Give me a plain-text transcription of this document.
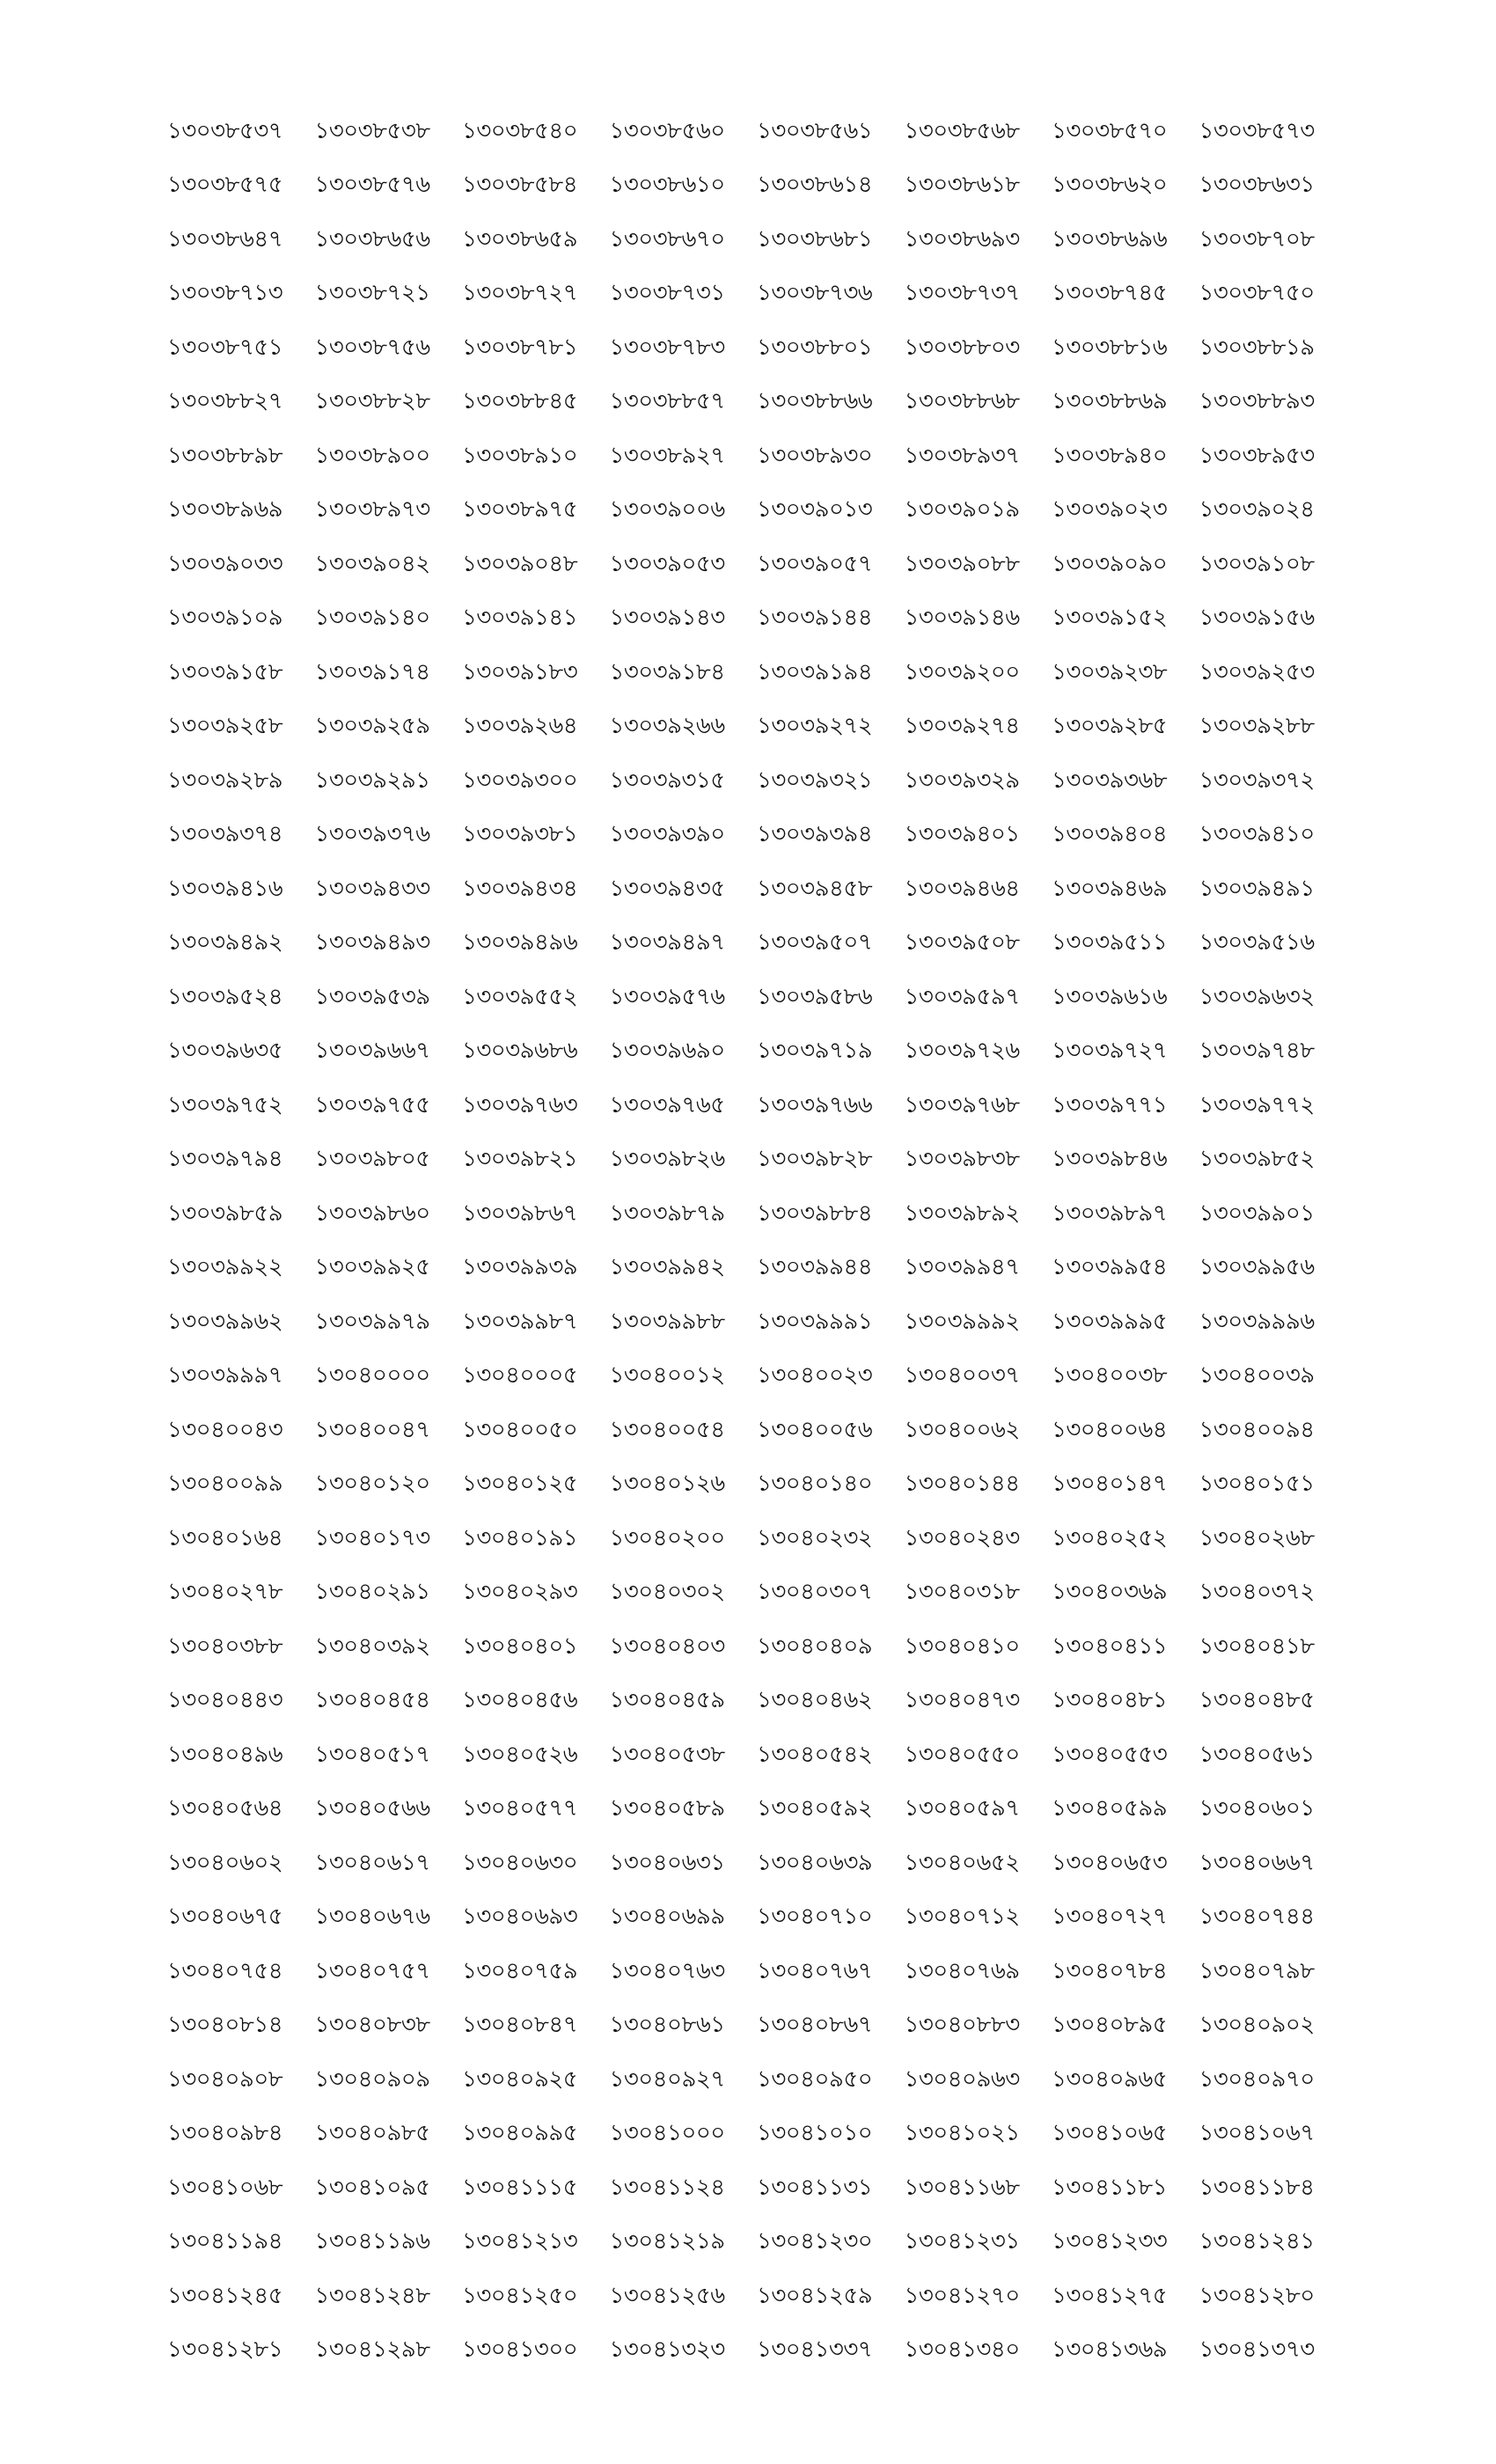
১৩০৩৮৫৩৭	১৩০৩৮৫৩৮	১৩০৩৮৫৪০	১৩০৩৮৫৬০	১৩০৩৮৫৬১	১৩০৩৮৫৬৮	১৩০৩৮৫৭০	১৩০৩৮৫৭৩
১৩০৩৮৫৭৫	১৩০৩৮৫৭৬	১৩০৩৮৫৮৪	১৩০৩৮৬১০	১৩০৩৮৬১৪	১৩০৩৮৬১৮	১৩০৩৮৬২০	১৩০৩৮৬৩১
১৩০৩৮৬৪৭	১৩০৩৮৬৫৬	১৩০৩৮৬৫৯	১৩০৩৮৬৭০	১৩০৩৮৬৮১	১৩০৩৮৬৯৩	১৩০৩৮৬৯৬	১৩০৩৮৭০৮
১৩০৩৮৭১৩	১৩০৩৮৭২১	১৩০৩৮৭২৭	১৩০৩৮৭৩১	১৩০৩৮৭৩৬	১৩০৩৮৭৩৭	১৩০৩৮৭৪৫	১৩০৩৮৭৫০
১৩০৩৮৭৫১	১৩০৩৮৭৫৬	১৩০৩৮৭৮১	১৩০৩৮৭৮৩	১৩০৩৮৮০১	১৩০৩৮৮০৩	১৩০৩৮৮১৬	১৩০৩৮৮১৯
১৩০৩৮৮২৭	১৩০৩৮৮২৮	১৩০৩৮৮৪৫	১৩০৩৮৮৫৭	১৩০৩৮৮৬৬	১৩০৩৮৮৬৮	১৩০৩৮৮৬৯	১৩০৩৮৮৯৩
১৩০৩৮৮৯৮	১৩০৩৮৯০০	১৩০৩৮৯১০	১৩০৩৮৯২৭	১৩০৩৮৯৩০	১৩০৩৮৯৩৭	১৩০৩৮৯৪০	১৩০৩৮৯৫৩
১৩০৩৮৯৬৯	১৩০৩৮৯৭৩	১৩০৩৮৯৭৫	১৩০৩৯০০৬	১৩০৩৯০১৩	১৩০৩৯০১৯	১৩০৩৯০২৩	১৩০৩৯০২৪
১৩০৩৯০৩৩	১৩০৩৯০৪২	১৩০৩৯০৪৮	১৩০৩৯০৫৩	১৩০৩৯০৫৭	১৩০৩৯০৮৮	১৩০৩৯০৯০	১৩০৩৯১০৮
১৩০৩৯১০৯	১৩০৩৯১৪০	১৩০৩৯১৪১	১৩০৩৯১৪৩	১৩০৩৯১৪৪	১৩০৩৯১৪৬	১৩০৩৯১৫২	১৩০৩৯১৫৬
১৩০৩৯১৫৮	১৩০৩৯১৭৪	১৩০৩৯১৮৩	১৩০৩৯১৮৪	১৩০৩৯১৯৪	১৩০৩৯২০০	১৩০৩৯২৩৮	১৩০৩৯২৫৩
১৩০৩৯২৫৮	১৩০৩৯২৫৯	১৩০৩৯২৬৪	১৩০৩৯২৬৬	১৩০৩৯২৭২	১৩০৩৯২৭৪	১৩০৩৯২৮৫	১৩০৩৯২৮৮
১৩০৩৯২৮৯	১৩০৩৯২৯১	১৩০৩৯৩০০	১৩০৩৯৩১৫	১৩০৩৯৩২১	১৩০৩৯৩২৯	১৩০৩৯৩৬৮	১৩০৩৯৩৭২
১৩০৩৯৩৭৪	১৩০৩৯৩৭৬	১৩০৩৯৩৮১	১৩০৩৯৩৯০	১৩০৩৯৩৯৪	১৩০৩৯৪০১	১৩০৩৯৪০৪	১৩০৩৯৪১০
১৩০৩৯৪১৬	১৩০৩৯৪৩৩	১৩০৩৯৪৩৪	১৩০৩৯৪৩৫	১৩০৩৯৪৫৮	১৩০৩৯৪৬৪	১৩০৩৯৪৬৯	১৩০৩৯৪৯১
১৩০৩৯৪৯২	১৩০৩৯৪৯৩	১৩০৩৯৪৯৬	১৩০৩৯৪৯৭	১৩০৩৯৫০৭	১৩০৩৯৫০৮	১৩০৩৯৫১১	১৩০৩৯৫১৬
১৩০৩৯৫২৪	১৩০৩৯৫৩৯	১৩০৩৯৫৫২	১৩০৩৯৫৭৬	১৩০৩৯৫৮৬	১৩০৩৯৫৯৭	১৩০৩৯৬১৬	১৩০৩৯৬৩২
১৩০৩৯৬৩৫	১৩০৩৯৬৬৭	১৩০৩৯৬৮৬	১৩০৩৯৬৯০	১৩০৩৯৭১৯	১৩০৩৯৭২৬	১৩০৩৯৭২৭	১৩০৩৯৭৪৮
১৩০৩৯৭৫২	১৩০৩৯৭৫৫	১৩০৩৯৭৬৩	১৩০৩৯৭৬৫	১৩০৩৯৭৬৬	১৩০৩৯৭৬৮	১৩০৩৯৭৭১	১৩০৩৯৭৭২
১৩০৩৯৭৯৪	১৩০৩৯৮০৫	১৩০৩৯৮২১	১৩০৩৯৮২৬	১৩০৩৯৮২৮	১৩০৩৯৮৩৮	১৩০৩৯৮৪৬	১৩০৩৯৮৫২
১৩০৩৯৮৫৯	১৩০৩৯৮৬০	১৩০৩৯৮৬৭	১৩০৩৯৮৭৯	১৩০৩৯৮৮৪	১৩০৩৯৮৯২	১৩০৩৯৮৯৭	১৩০৩৯৯০১
১৩০৩৯৯২২	১৩০৩৯৯২৫	১৩০৩৯৯৩৯	১৩০৩৯৯৪২	১৩০৩৯৯৪৪	১৩০৩৯৯৪৭	১৩০৩৯৯৫৪	১৩০৩৯৯৫৬
১৩০৩৯৯৬২	১৩০৩৯৯৭৯	১৩০৩৯৯৮৭	১৩০৩৯৯৮৮	১৩০৩৯৯৯১	১৩০৩৯৯৯২	১৩০৩৯৯৯৫	১৩০৩৯৯৯৬
১৩০৩৯৯৯৭	১৩০৪০০০০	১৩০৪০০০৫	১৩০৪০০১২	১৩০৪০০২৩	১৩০৪০০৩৭	১৩০৪০০৩৮	১৩০৪০০৩৯
১৩০৪০০৪৩	১৩০৪০০৪৭	১৩০৪০০৫০	১৩০৪০০৫৪	১৩০৪০০৫৬	১৩০৪০০৬২	১৩০৪০০৬৪	১৩০৪০০৯৪
১৩০৪০০৯৯	১৩০৪০১২০	১৩০৪০১২৫	১৩০৪০১২৬	১৩০৪০১৪০	১৩০৪০১৪৪	১৩০৪০১৪৭	১৩০৪০১৫১
১৩০৪০১৬৪	১৩০৪০১৭৩	১৩০৪০১৯১	১৩০৪০২০০	১৩০৪০২৩২	১৩০৪০২৪৩	১৩০৪০২৫২	১৩০৪০২৬৮
১৩০৪০২৭৮	১৩০৪০২৯১	১৩০৪০২৯৩	১৩০৪০৩০২	১৩০৪০৩০৭	১৩০৪০৩১৮	১৩০৪০৩৬৯	১৩০৪০৩৭২
১৩০৪০৩৮৮	১৩০৪০৩৯২	১৩০৪০৪০১	১৩০৪০৪০৩	১৩০৪০৪০৯	১৩০৪০৪১০	১৩০৪০৪১১	১৩০৪০৪১৮
১৩০৪০৪৪৩	১৩০৪০৪৫৪	১৩০৪০৪৫৬	১৩০৪০৪৫৯	১৩০৪০৪৬২	১৩০৪০৪৭৩	১৩০৪০৪৮১	১৩০৪০৪৮৫
১৩০৪০৪৯৬	১৩০৪০৫১৭	১৩০৪০৫২৬	১৩০৪০৫৩৮	১৩০৪০৫৪২	১৩০৪০৫৫০	১৩০৪০৫৫৩	১৩০৪০৫৬১
১৩০৪০৫৬৪	১৩০৪০৫৬৬	১৩০৪০৫৭৭	১৩০৪০৫৮৯	১৩০৪০৫৯২	১৩০৪০৫৯৭	১৩০৪০৫৯৯	১৩০৪০৬০১
১৩০৪০৬০২	১৩০৪০৬১৭	১৩০৪০৬৩০	১৩০৪০৬৩১	১৩০৪০৬৩৯	১৩০৪০৬৫২	১৩০৪০৬৫৩	১৩০৪০৬৬৭
১৩০৪০৬৭৫	১৩০৪০৬৭৬	১৩০৪০৬৯৩	১৩০৪০৬৯৯	১৩০৪০৭১০	১৩০৪০৭১২	১৩০৪০৭২৭	১৩০৪০৭৪৪
১৩০৪০৭৫৪	১৩০৪০৭৫৭	১৩০৪০৭৫৯	১৩০৪০৭৬৩	১৩০৪০৭৬৭	১৩০৪০৭৬৯	১৩০৪০৭৮৪	১৩০৪০৭৯৮
১৩০৪০৮১৪	১৩০৪০৮৩৮	১৩০৪০৮৪৭	১৩০৪০৮৬১	১৩০৪০৮৬৭	১৩০৪০৮৮৩	১৩০৪০৮৯৫	১৩০৪০৯০২
১৩০৪০৯০৮	১৩০৪০৯০৯	১৩০৪০৯২৫	১৩০৪০৯২৭	১৩০৪০৯৫০	১৩০৪০৯৬৩	১৩০৪০৯৬৫	১৩০৪০৯৭০
১৩০৪০৯৮৪	১৩০৪০৯৮৫	১৩০৪০৯৯৫	১৩০৪১০০০	১৩০৪১০১০	১৩০৪১০২১	১৩০৪১০৬৫	১৩০৪১০৬৭
১৩০৪১০৬৮	১৩০৪১০৯৫	১৩০৪১১১৫	১৩০৪১১২৪	১৩০৪১১৩১	১৩০৪১১৬৮	১৩০৪১১৮১	১৩০৪১১৮৪
১৩০৪১১৯৪	১৩০৪১১৯৬	১৩০৪১২১৩	১৩০৪১২১৯	১৩০৪১২৩০	১৩০৪১২৩১	১৩০৪১২৩৩	১৩০৪১২৪১
১৩০৪১২৪৫	১৩০৪১২৪৮	১৩০৪১২৫০	১৩০৪১২৫৬	১৩০৪১২৫৯	১৩০৪১২৭০	১৩০৪১২৭৫	১৩০৪১২৮০
১৩০৪১২৮১	১৩০৪১২৯৮	১৩০৪১৩০০	১৩০৪১৩২৩	১৩০৪১৩৩৭	১৩০৪১৩৪০	১৩০৪১৩৬৯	১৩০৪১৩৭৩
